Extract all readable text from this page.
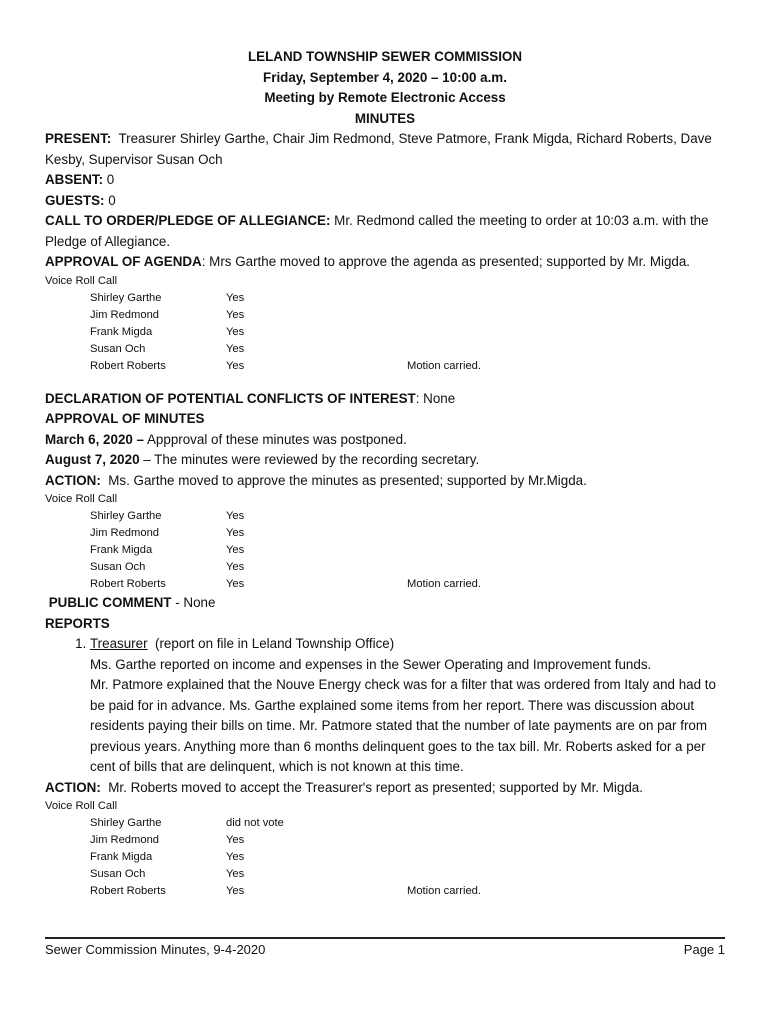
LELAND TOWNSHIP SEWER COMMISSION

Friday, September 4, 2020 – 10:00 a.m.

Meeting by Remote Electronic Access

MINUTES

PRESENT: Treasurer Shirley Garthe, Chair Jim Redmond, Steve Patmore, Frank Migda, Richard Roberts, Dave Kesby, Supervisor Susan Och

ABSENT: 0

GUESTS: 0

CALL TO ORDER/PLEDGE OF ALLEGIANCE: Mr. Redmond called the meeting to order at 10:03 a.m. with the Pledge of Allegiance.

APPROVAL OF AGENDA: Mrs Garthe moved to approve the agenda as presented; supported by Mr. Migda.

Voice Roll Call

Shirley Garthe	Yes
Jim Redmond	Yes
Frank Migda	Yes
Susan Och	Yes
Robert Roberts	Yes	Motion carried.

DECLARATION OF POTENTIAL CONFLICTS OF INTEREST: None

APPROVAL OF MINUTES

March 6, 2020 – Appproval of these minutes was postponed.

August 7, 2020 – The minutes were reviewed by the recording secretary.

ACTION: Ms. Garthe moved to approve the minutes as presented; supported by Mr.Migda.

Voice Roll Call

Shirley Garthe	Yes
Jim Redmond	Yes
Frank Migda	Yes
Susan Och	Yes
Robert Roberts	Yes	Motion carried.

PUBLIC COMMENT - None

REPORTS

1. Treasurer (report on file in Leland Township Office)

Ms. Garthe reported on income and expenses in the Sewer Operating and Improvement funds.

Mr. Patmore explained that the Nouve Energy check was for a filter that was ordered from Italy and had to be paid for in advance. Ms. Garthe explained some items from her report. There was discussion about residents paying their bills on time. Mr. Patmore stated that the number of late payments are on par from previous years. Anything more than 6 months delinquent goes to the tax bill. Mr. Roberts asked for a per cent of bills that are delinquent, which is not known at this time.

ACTION: Mr. Roberts moved to accept the Treasurer's report as presented; supported by Mr. Migda.

Voice Roll Call

Shirley Garthe	did not vote
Jim Redmond	Yes
Frank Migda	Yes
Susan Och	Yes
Robert Roberts	Yes	Motion carried.
Sewer Commission Minutes, 9-4-2020	Page 1
